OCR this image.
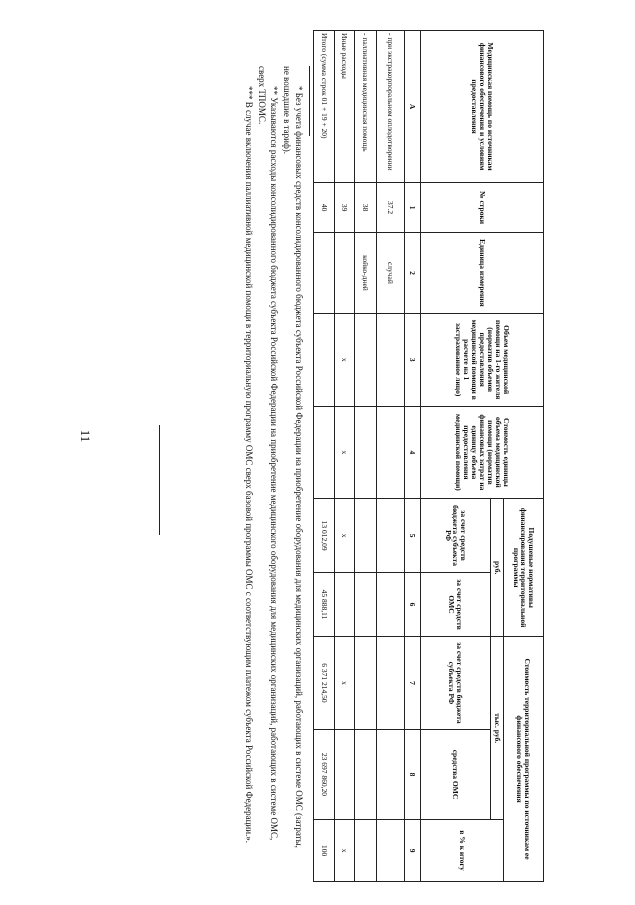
11
Медицинская помощь по источникам финансового обеспечения и условиям предоставления	№ строки	Единица измерения	Объем медицинской помощи на 1-го жителя (норматив объемов предоставления медицинской помощи в расчете на 1 застрахованное лицо)	Стоимость единицы объема медицинской помощи (норматив финансовых затрат на единицу объема предоставления медицинской помощи)	Подушевые нормативы финансирования территориальной программы		Стоимость территориальной программы по источникам ее финансового обеспечения		
					руб.		тыс. руб.		в % к итогу
					за счет средств бюджета субъекта РФ	за счет средств ОМС	за счет средств бюджета субъекта РФ	средства ОМС	
А	1	2	3	4	5	6	7	8	9
- при экстракорпоральном оплодотворении	37.2	случай							
- паллиативная медицинская помощь	38	койко-дней							
Иные расходы	39		х	х	х		х		х
Итого (сумма строк 01 + 19 + 20)	40				13 012,09	45 888,11	6 371 214,50	23 697 860,20	100

* Без учета финансовых средств консолидированного бюджета субъекта Российской Федерации на приобретение оборудования для медицинских организаций, работающих в системе ОМС (затраты, не вошедшие в тариф).

** Указываются расходы консолидированного бюджета субъекта Российской Федерации на приобретение медицинского оборудования для медицинских организаций, работающих в системе ОМС, сверх ТПОМС.

*** В случае включения паллиативной медицинской помощи в территориальную программу ОМС сверх базовой программы ОМС с соответствующим платежом субъекта Российской Федерации.».
